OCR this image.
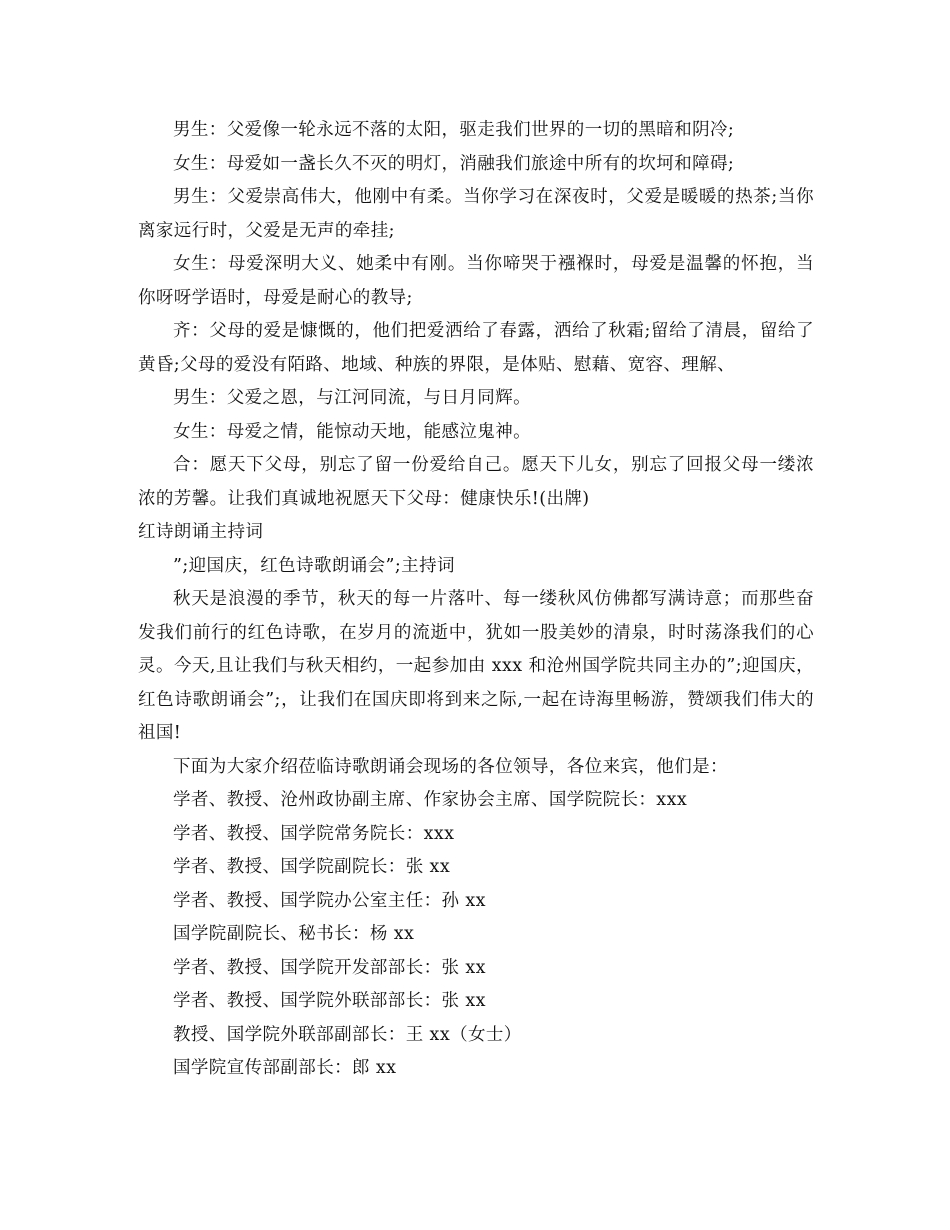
男生：父爱像一轮永远不落的太阳，驱走我们世界的一切的黑暗和阴冷;

女生：母爱如一盏长久不灭的明灯，消融我们旅途中所有的坎坷和障碍;

男生：父爱崇高伟大，他刚中有柔。当你学习在深夜时，父爱是暖暖的热茶;当你离家远行时，父爱是无声的牵挂;

女生：母爱深明大义、她柔中有刚。当你啼哭于襁褓时，母爱是温馨的怀抱，当你呀呀学语时，母爱是耐心的教导;

齐：父母的爱是慷慨的，他们把爱洒给了春露，洒给了秋霜;留给了清晨，留给了黄昏;父母的爱没有陌路、地域、种族的界限，是体贴、慰藉、宽容、理解、

男生：父爱之恩，与江河同流，与日月同辉。

女生：母爱之情，能惊动天地，能感泣鬼神。

合：愿天下父母，别忘了留一份爱给自己。愿天下儿女，别忘了回报父母一缕浓浓的芳馨。让我们真诚地祝愿天下父母：健康快乐!(出牌)

红诗朗诵主持词

”;迎国庆，红色诗歌朗诵会”;主持词

秋天是浪漫的季节，秋天的每一片落叶、每一缕秋风仿佛都写满诗意；而那些奋发我们前行的红色诗歌，在岁月的流逝中，犹如一股美妙的清泉，时时荡涤我们的心灵。今天,且让我们与秋天相约，一起参加由 xxx 和沧州国学院共同主办的”;迎国庆，红色诗歌朗诵会”;，让我们在国庆即将到来之际,一起在诗海里畅游，赞颂我们伟大的祖国!

下面为大家介绍莅临诗歌朗诵会现场的各位领导，各位来宾，他们是：

学者、教授、沧州政协副主席、作家协会主席、国学院院长：xxx

学者、教授、国学院常务院长：xxx

学者、教授、国学院副院长：张 xx

学者、教授、国学院办公室主任：孙 xx

国学院副院长、秘书长：杨 xx

学者、教授、国学院开发部部长：张 xx

学者、教授、国学院外联部部长：张 xx

教授、国学院外联部副部长：王 xx（女士）

国学院宣传部副部长：郎 xx
